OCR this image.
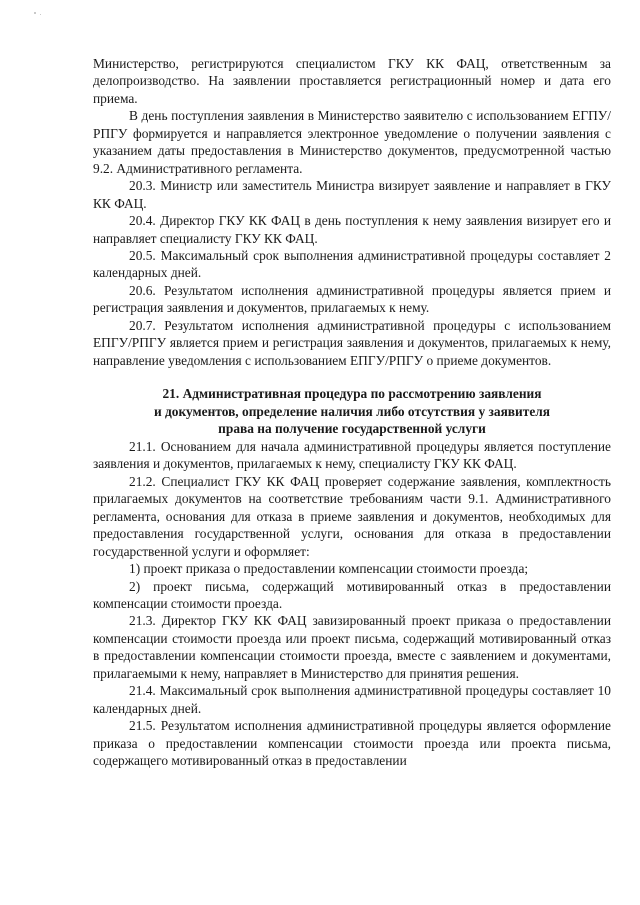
Министерство, регистрируются специалистом ГКУ КК ФАЦ, ответственным за делопроизводство. На заявлении проставляется регистрационный номер и дата его приема.

В день поступления заявления в Министерство заявителю с использованием ЕГПУ/РПГУ формируется и направляется электронное уведомление о получении заявления с указанием даты предоставления в Министерство документов, предусмотренной частью 9.2. Административного регламента.

20.3. Министр или заместитель Министра визирует заявление и направляет в ГКУ КК ФАЦ.

20.4. Директор ГКУ КК ФАЦ в день поступления к нему заявления визирует его и направляет специалисту ГКУ КК ФАЦ.

20.5. Максимальный срок выполнения административной процедуры составляет 2 календарных дней.

20.6. Результатом исполнения административной процедуры является прием и регистрация заявления и документов, прилагаемых к нему.

20.7. Результатом исполнения административной процедуры с использованием ЕПГУ/РПГУ является прием и регистрация заявления и документов, прилагаемых к нему, направление уведомления с использованием ЕПГУ/РПГУ о приеме документов.

21. Административная процедура по рассмотрению заявления
и документов, определение наличия либо отсутствия у заявителя
права на получение государственной услуги

21.1. Основанием для начала административной процедуры является поступление заявления и документов, прилагаемых к нему, специалисту ГКУ КК ФАЦ.

21.2. Специалист ГКУ КК ФАЦ проверяет содержание заявления, комплектность прилагаемых документов на соответствие требованиям части 9.1. Административного регламента, основания для отказа в приеме заявления и документов, необходимых для предоставления государственной услуги, основания для отказа в предоставлении государственной услуги и оформляет:

1) проект приказа о предоставлении компенсации стоимости проезда;

2) проект письма, содержащий мотивированный отказ в предоставлении компенсации стоимости проезда.

21.3. Директор ГКУ КК ФАЦ завизированный проект приказа о предоставлении компенсации стоимости проезда или проект письма, содержащий мотивированный отказ в предоставлении компенсации стоимости проезда, вместе с заявлением и документами, прилагаемыми к нему, направляет в Министерство для принятия решения.

21.4. Максимальный срок выполнения административной процедуры составляет 10 календарных дней.

21.5. Результатом исполнения административной процедуры является оформление приказа о предоставлении компенсации стоимости проезда или проекта письма, содержащего мотивированный отказ в предоставлении
